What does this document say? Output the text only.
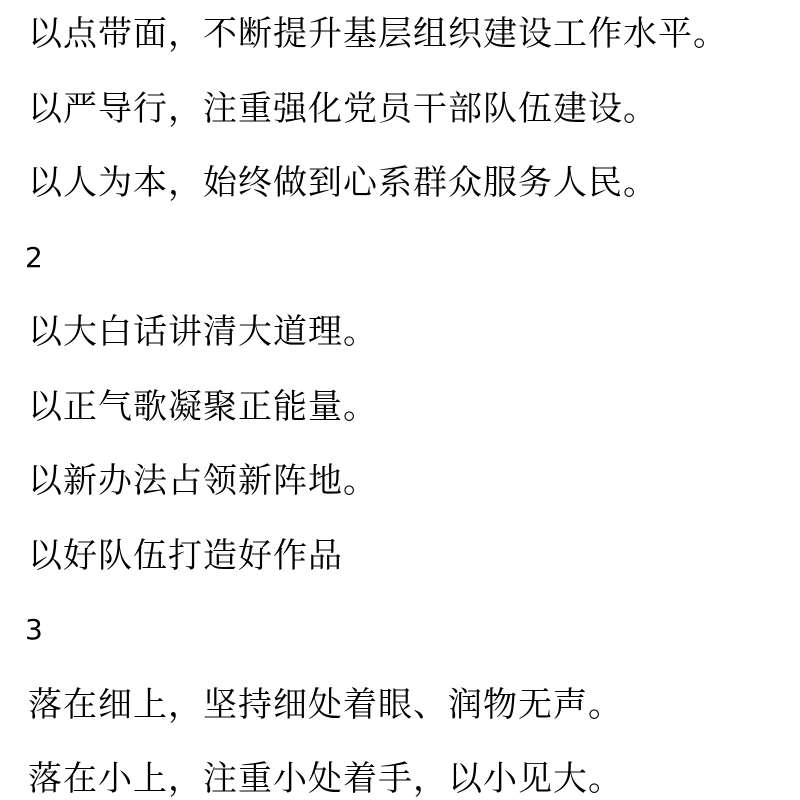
以点带面，不断提升基层组织建设工作水平。

以严导行，注重强化党员干部队伍建设。

以人为本，始终做到心系群众服务人民。

2

以大白话讲清大道理。

以正气歌凝聚正能量。

以新办法占领新阵地。

以好队伍打造好作品

3

落在细上，坚持细处着眼、润物无声。

落在小上，注重小处着手，以小见大。
